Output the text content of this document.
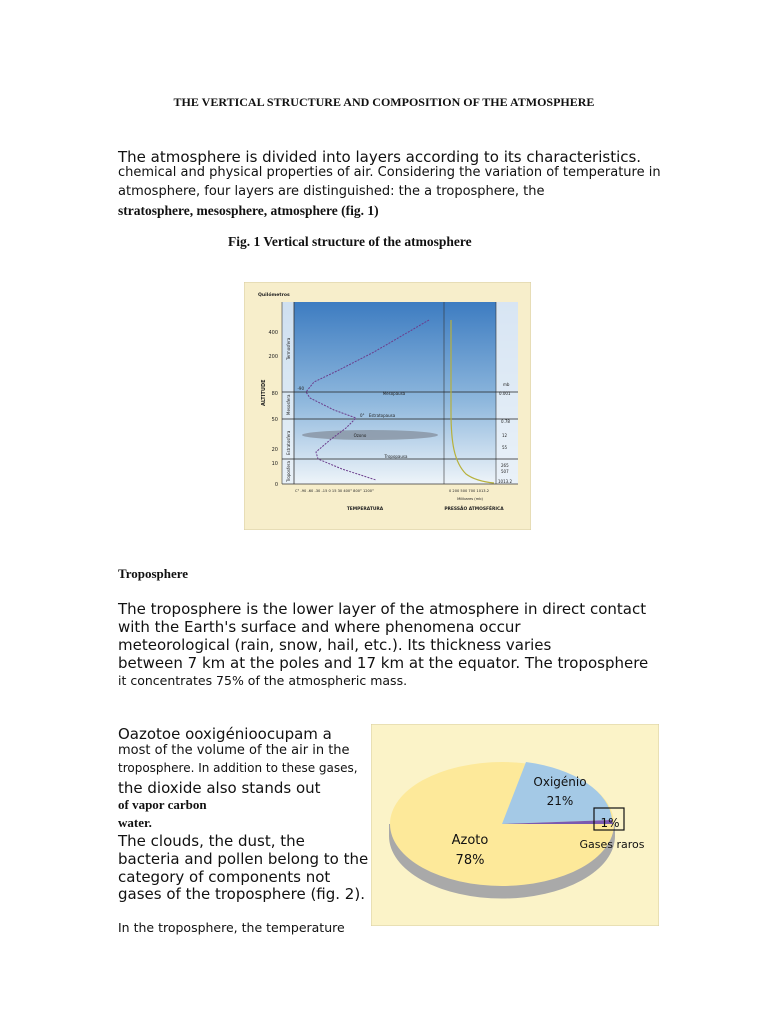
THE VERTICAL STRUCTURE AND COMPOSITION OF THE ATMOSPHERE
The atmosphere is divided into layers according to its characteristics.
chemical and physical properties of air. Considering the variation of temperature in
atmosphere, four layers are distinguished: the a troposphere, the
stratosphere, mesosphere, atmosphere (fig. 1)
Fig. 1 Vertical structure of the atmosphere
400
200
80
50
20
10
0
Quilómetros
ALTITUDE
Termosfera
Mesosfera
Estratosfera
Troposfera
Mesopausa
Estratopausa
Tropopausa
Ozono
-90
0°
mb
0.001
0.78
12
55
265
507
1013.2
C° -90 -60 -30 -15 0 15 30 400° 800° 1200°
TEMPERATURA
0 200 500 700 1013.2
Milibares (mb)
PRESSÃO ATMOSFÉRICA
Troposphere
The troposphere is the lower layer of the atmosphere in direct contact
with the Earth's surface and where phenomena occur
meteorological (rain, snow, hail, etc.). Its thickness varies
between 7 km at the poles and 17 km at the equator. The troposphere
it concentrates 75% of the atmospheric mass.
Oazotoe ooxigénioocupam a
most of the volume of the air in the
troposphere. In addition to these gases,
the dioxide also stands out
of vapor carbon
water.
The clouds, the dust, the
bacteria and pollen belong to the
category of components not
gases of the troposphere (fig. 2).
In the troposphere, the temperature
Oxigénio
21%
1%
Gases raros
Azoto
78%
